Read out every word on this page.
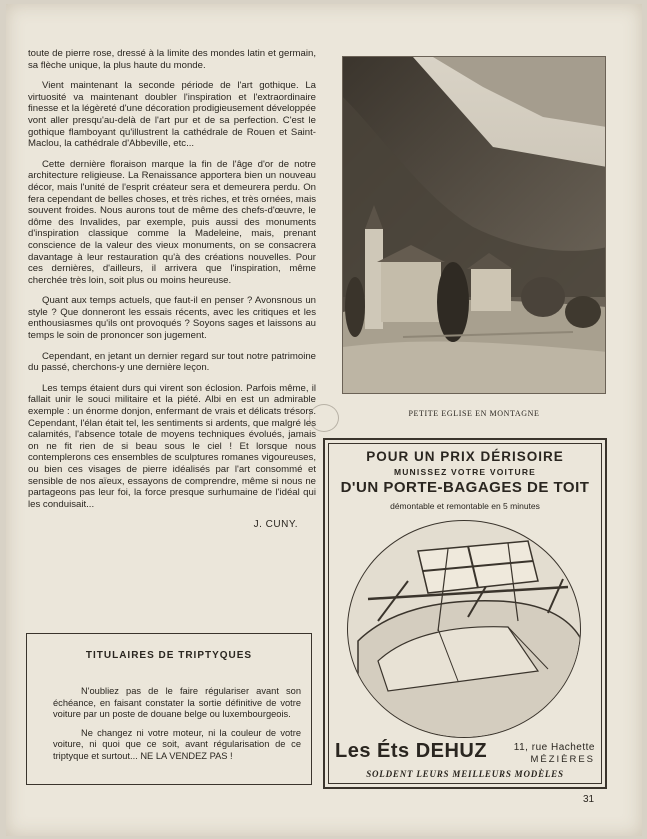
toute de pierre rose, dressé à la limite des mondes latin et germain, sa flèche unique, la plus haute du monde.

Vient maintenant la seconde période de l'art gothique. La virtuosité va maintenant doubler l'inspiration et l'extraordinaire finesse et la légèreté d'une décoration prodigieusement développée vont aller presqu'au-delà de l'art pur et de sa perfection. C'est le gothique flamboyant qu'illustrent la cathédrale de Rouen et Saint-Maclou, la cathédrale d'Abbeville, etc...

Cette dernière floraison marque la fin de l'âge d'or de notre architecture religieuse. La Renaissance apportera bien un nouveau décor, mais l'unité de l'esprit créateur sera et demeurera perdu. On fera cependant de belles choses, et très riches, et très ornées, mais souvent froides. Nous aurons tout de même des chefs-d'œuvre, le dôme des Invalides, par exemple, puis aussi des monuments d'inspiration classique comme la Madeleine, mais, prenant conscience de la valeur des vieux monuments, on se consacrera davantage à leur restauration qu'à des créations nouvelles. Pour ces dernières, d'ailleurs, il arrivera que l'inspiration, même cherchée très loin, soit plus ou moins heureuse.

Quant aux temps actuels, que faut-il en penser ? Avonsnous un style ? Que donneront les essais récents, avec les critiques et les enthousiasmes qu'ils ont provoqués ? Soyons sages et laissons au temps le soin de prononcer son jugement.

Cependant, en jetant un dernier regard sur tout notre patrimoine du passé, cherchons-y une dernière leçon.

Les temps étaient durs qui virent son éclosion. Parfois même, il fallait unir le souci militaire et la piété. Albi en est un admirable exemple : un énorme donjon, enfermant de vrais et délicats trésors. Cependant, l'élan était tel, les sentiments si ardents, que malgré les calamités, l'absence totale de moyens techniques évolués, jamais on ne fit rien de si beau sous le ciel ! Et lorsque nous contemplerons ces ensembles de sculptures romanes vigoureuses, ou bien ces visages de pierre idéalisés par l'art consommé et sensible de nos aïeux, essayons de comprendre, même si nous ne partageons pas leur foi, la force presque surhumaine de l'idéal qui les conduisait...

J. CUNY.
PETITE EGLISE EN MONTAGNE
POUR UN PRIX DÉRISOIRE
MUNISSEZ VOTRE VOITURE
D'UN PORTE-BAGAGES DE TOIT
démontable et remontable en 5 minutes
Les Éts DEHUZ	11, rue Hachette
MÉZIÈRES
SOLDENT LEURS MEILLEURS MODÈLES
TITULAIRES DE TRIPTYQUES

N'oubliez pas de le faire régulariser avant son échéance, en faisant constater la sortie définitive de votre voiture par un poste de douane belge ou luxembourgeois.

Ne changez ni votre moteur, ni la couleur de votre voiture, ni quoi que ce soit, avant régularisation de ce triptyque et surtout... NE LA VENDEZ PAS !

31
